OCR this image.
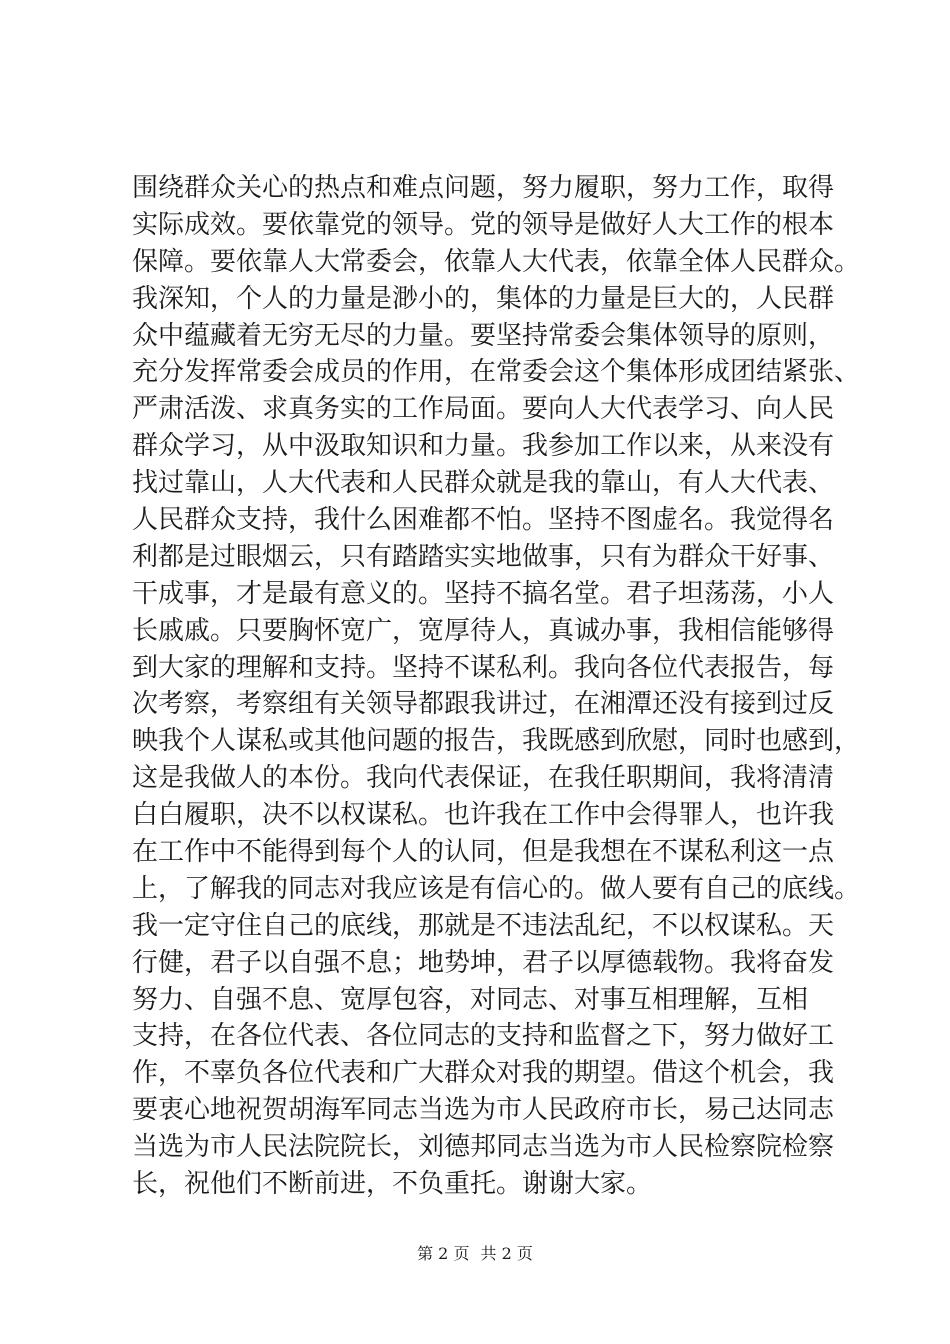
围绕群众关心的热点和难点问题，努力履职，努力工作，取得
实际成效。要依靠党的领导。党的领导是做好人大工作的根本
保障。要依靠人大常委会，依靠人大代表，依靠全体人民群众。
我深知，个人的力量是渺小的，集体的力量是巨大的，人民群
众中蕴藏着无穷无尽的力量。要坚持常委会集体领导的原则，
充分发挥常委会成员的作用，在常委会这个集体形成团结紧张、
严肃活泼、求真务实的工作局面。要向人大代表学习、向人民
群众学习，从中汲取知识和力量。我参加工作以来，从来没有
找过靠山，人大代表和人民群众就是我的靠山，有人大代表、
人民群众支持，我什么困难都不怕。坚持不图虚名。我觉得名
利都是过眼烟云，只有踏踏实实地做事，只有为群众干好事、
干成事，才是最有意义的。坚持不搞名堂。君子坦荡荡，小人
长戚戚。只要胸怀宽广，宽厚待人，真诚办事，我相信能够得
到大家的理解和支持。坚持不谋私利。我向各位代表报告，每
次考察，考察组有关领导都跟我讲过，在湘潭还没有接到过反
映我个人谋私或其他问题的报告，我既感到欣慰，同时也感到，
这是我做人的本份。我向代表保证，在我任职期间，我将清清
白白履职，决不以权谋私。也许我在工作中会得罪人，也许我
在工作中不能得到每个人的认同，但是我想在不谋私利这一点
上，了解我的同志对我应该是有信心的。做人要有自己的底线。
我一定守住自己的底线，那就是不违法乱纪，不以权谋私。天
行健，君子以自强不息；地势坤，君子以厚德载物。我将奋发
努力、自强不息、宽厚包容，对同志、对事互相理解，互相
支持，在各位代表、各位同志的支持和监督之下，努力做好工
作，不辜负各位代表和广大群众对我的期望。借这个机会，我
要衷心地祝贺胡海军同志当选为市人民政府市长，易己达同志
当选为市人民法院院长，刘德邦同志当选为市人民检察院检察
长，祝他们不断前进，不负重托。谢谢大家。
第 2 页 共 2 页
